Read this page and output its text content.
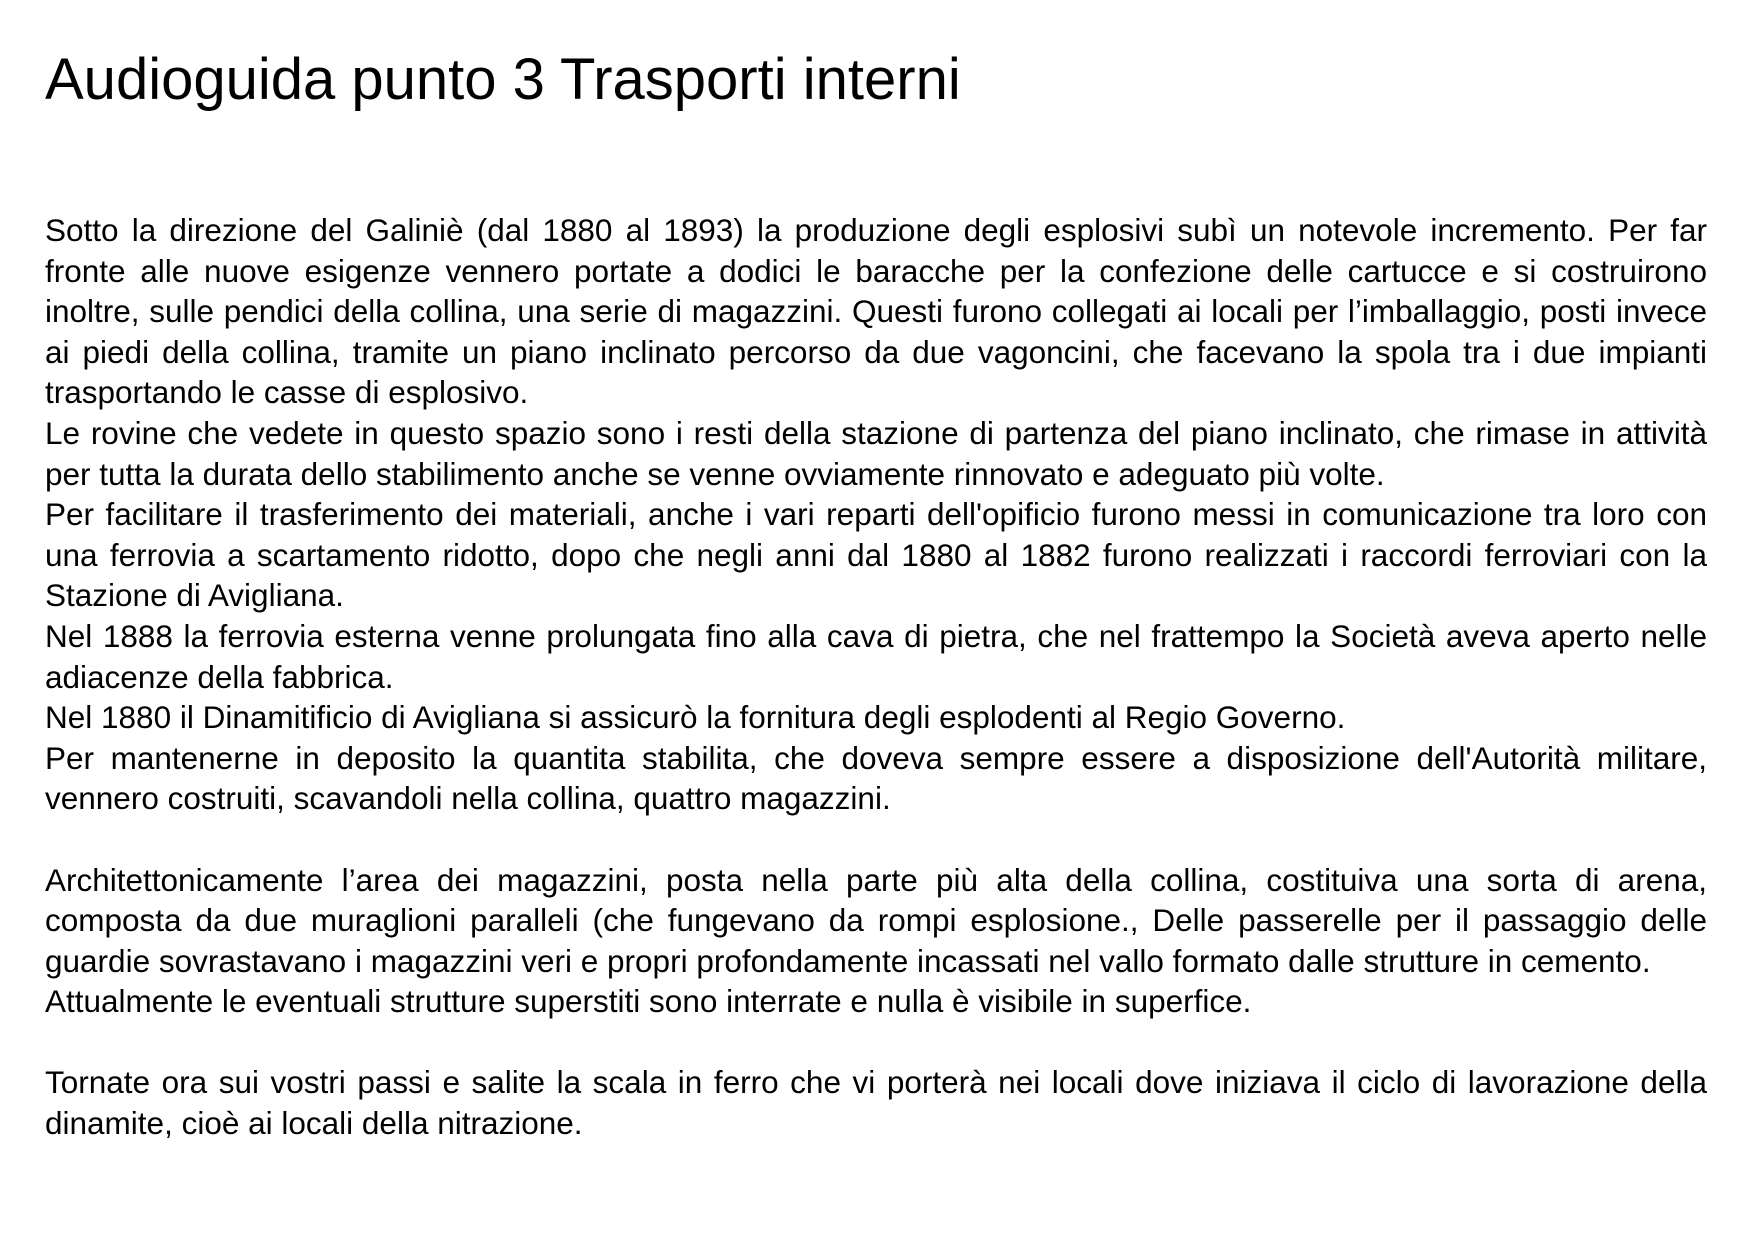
Audioguida punto 3 Trasporti interni

Sotto la direzione del Galiniè (dal 1880 al 1893) la produzione degli esplosivi subì un notevole incremento. Per far fronte alle nuove esigenze vennero portate a dodici le baracche per la confezione delle cartucce e si costruirono inoltre, sulle pendici della collina, una serie di magazzini. Questi furono collegati ai locali per l’imballaggio, posti invece ai piedi della collina, tramite un piano inclinato percorso da due vagoncini, che facevano la spola tra i due impianti trasportando le casse di esplosivo.

Le rovine che vedete in questo spazio sono i resti della stazione di partenza del piano inclinato, che rimase in attività per tutta la durata dello stabilimento anche se venne ovviamente rinnovato e adeguato più volte.

Per facilitare il trasferimento dei materiali, anche i vari reparti dell'opificio furono messi in comunicazione tra loro con una ferrovia a scartamento ridotto, dopo che negli anni dal 1880 al 1882 furono realizzati i raccordi ferroviari con la Stazione di Avigliana.

Nel 1888 la ferrovia esterna venne prolungata fino alla cava di pietra, che nel frattempo la Società aveva aperto nelle adiacenze della fabbrica.

Nel 1880 il Dinamitificio di Avigliana si assicurò la fornitura degli esplodenti al Regio Governo.

Per mantenerne in deposito la quantita stabilita, che doveva sempre essere a disposizione dell'Autorità militare, vennero costruiti, scavandoli nella collina, quattro magazzini.

Architettonicamente l’area dei magazzini, posta nella parte più alta della collina, costituiva una sorta di arena, composta da due muraglioni paralleli (che fungevano da rompi esplosione., Delle passerelle per il passaggio delle guardie sovrastavano i magazzini veri e propri profondamente incassati nel vallo formato dalle strutture in cemento.

Attualmente le eventuali strutture superstiti sono interrate e nulla è visibile in superfice.

Tornate ora sui vostri passi e salite la scala in ferro che vi porterà nei locali dove iniziava il ciclo di lavorazione della dinamite, cioè ai locali della nitrazione.
